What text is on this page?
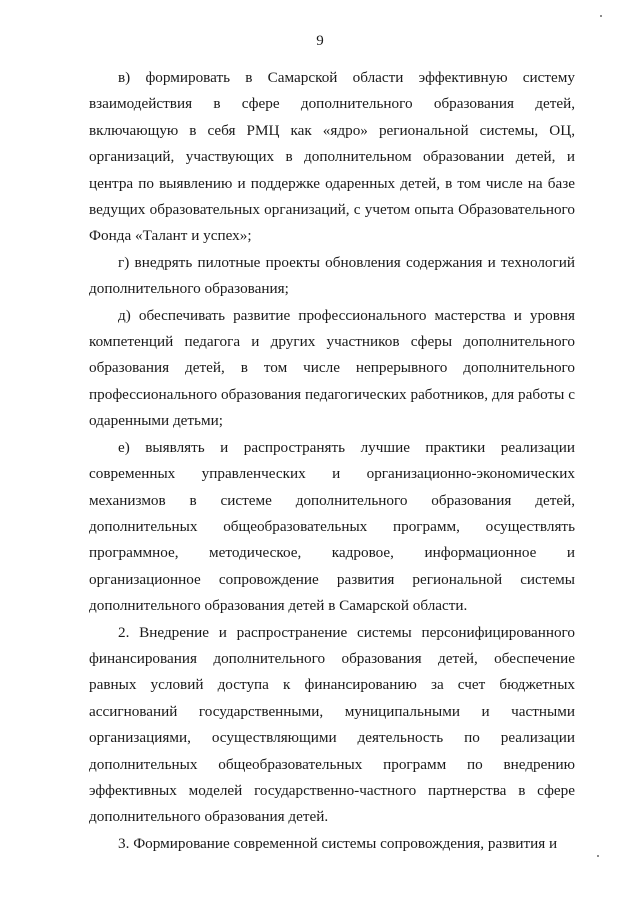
9

в) формировать в Самарской области эффективную систему взаимодействия в сфере дополнительного образования детей, включающую в себя РМЦ как «ядро» региональной системы, ОЦ, организаций, участвующих в дополнительном образовании детей, и центра по выявлению и поддержке одаренных детей, в том числе на базе ведущих образовательных организаций, с учетом опыта Образовательного Фонда «Талант и успех»;

г) внедрять пилотные проекты обновления содержания и технологий дополнительного образования;

д) обеспечивать развитие профессионального мастерства и уровня компетенций педагога и других участников сферы дополнительного образования детей, в том числе непрерывного дополнительного профессионального образования педагогических работников, для работы с одаренными детьми;

е) выявлять и распространять лучшие практики реализации современных управленческих и организационно-экономических механизмов в системе дополнительного образования детей, дополнительных общеобразовательных программ, осуществлять программное, методическое, кадровое, информационное и организационное сопровождение развития региональной системы дополнительного образования детей в Самарской области.

2. Внедрение и распространение системы персонифицированного финансирования дополнительного образования детей, обеспечение равных условий доступа к финансированию за счет бюджетных ассигнований государственными, муниципальными и частными организациями, осуществляющими деятельность по реализации дополнительных общеобразовательных программ по внедрению эффективных моделей государственно-частного партнерства в сфере дополнительного образования детей.

3. Формирование современной системы сопровождения, развития и
